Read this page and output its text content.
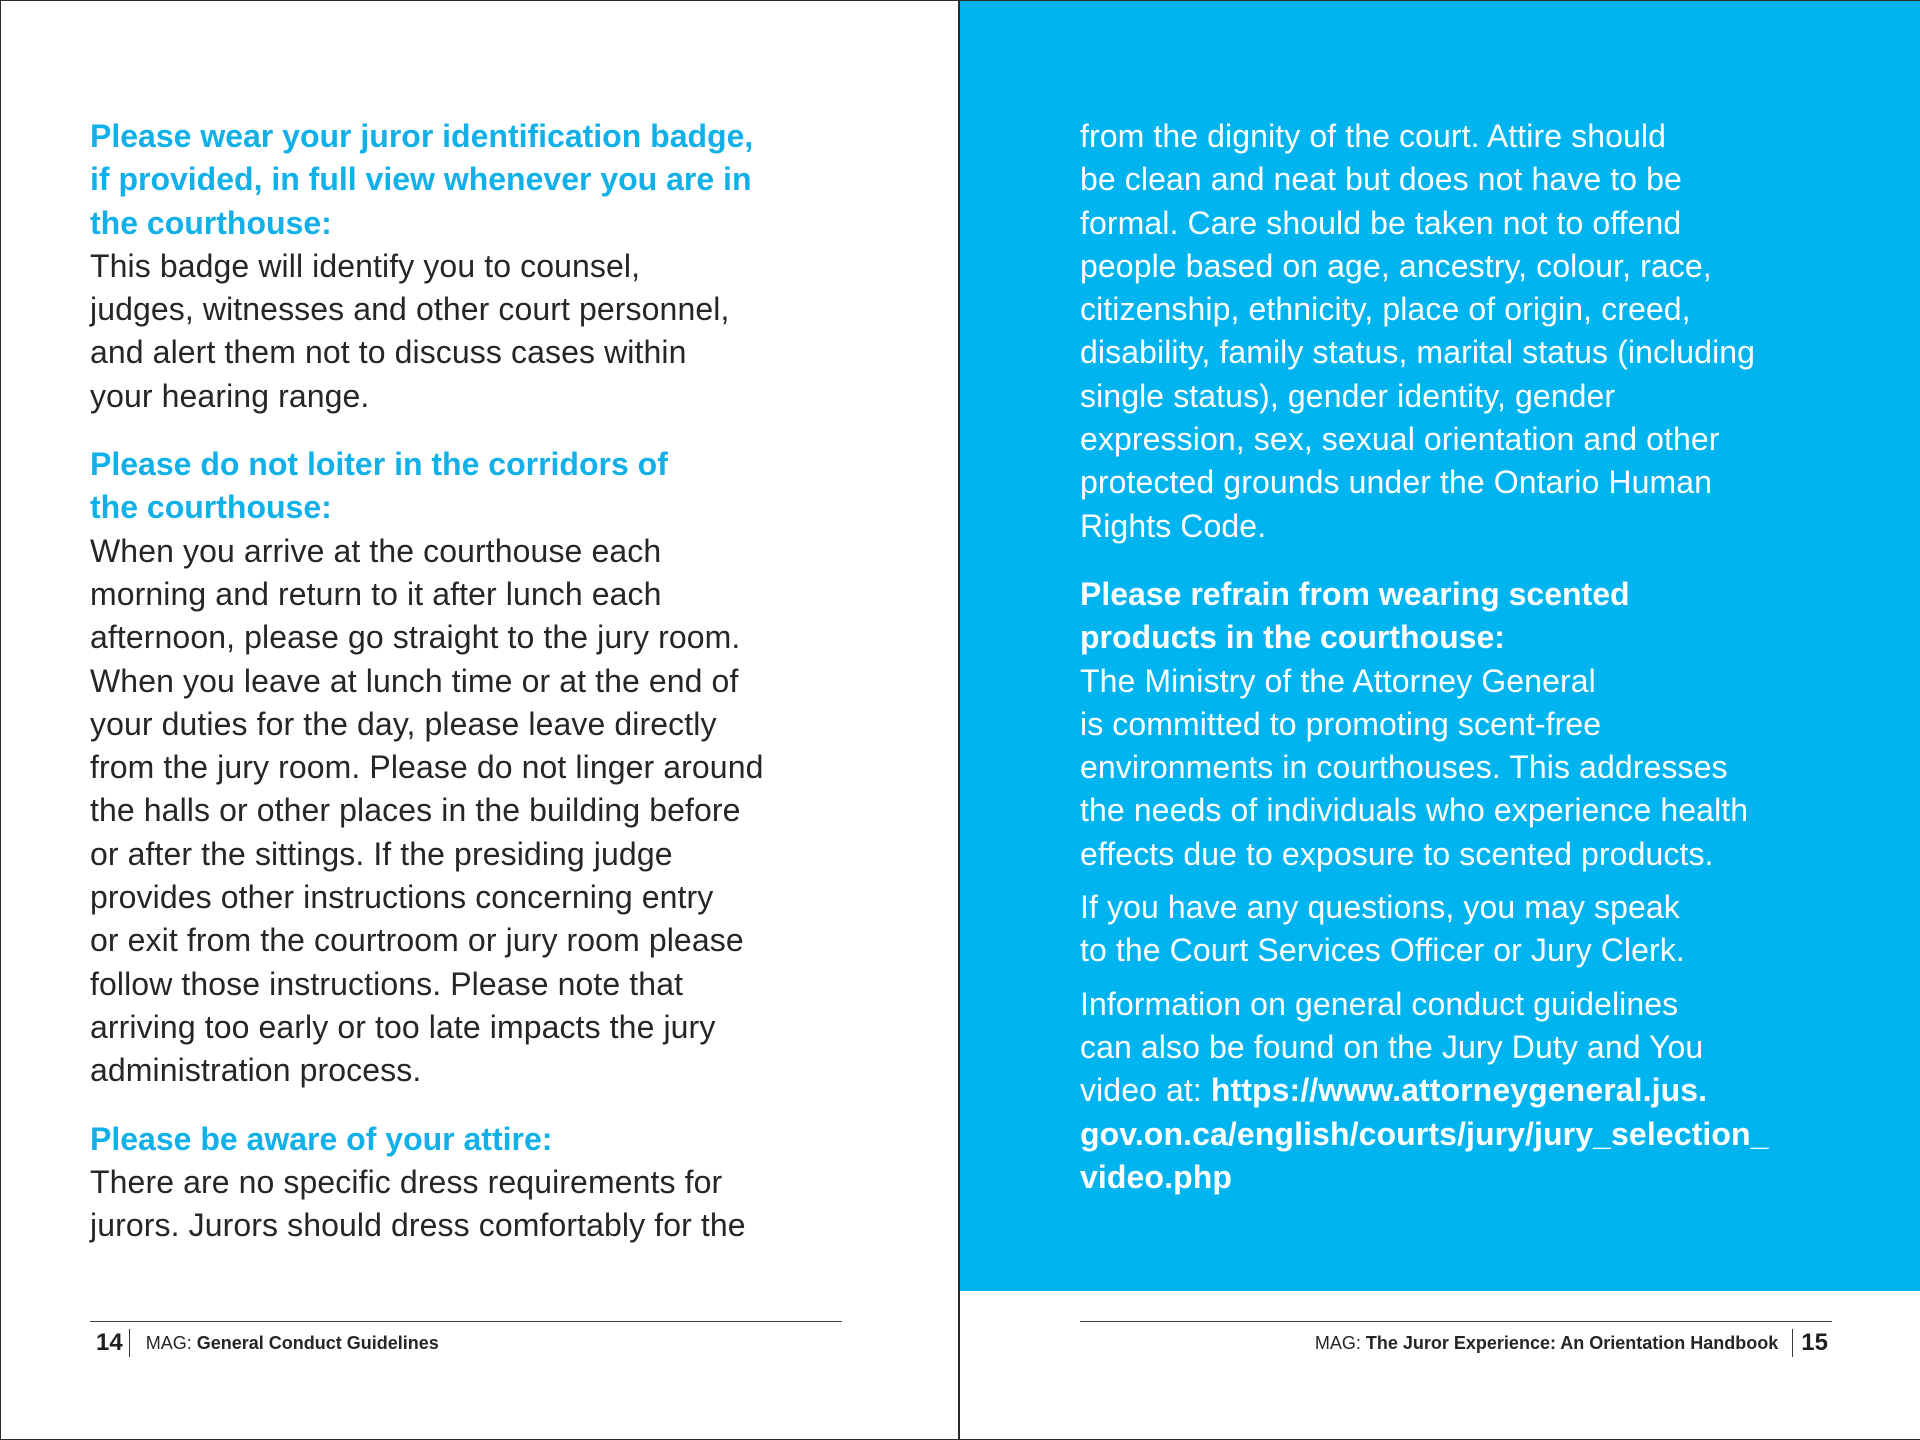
Please wear your juror identification badge,
if provided, in full view whenever you are in
the courthouse:
This badge will identify you to counsel,
judges, witnesses and other court personnel,
and alert them not to discuss cases within
your hearing range.
Please do not loiter in the corridors of
the courthouse:
When you arrive at the courthouse each
morning and return to it after lunch each
afternoon, please go straight to the jury room.
When you leave at lunch time or at the end of
your duties for the day, please leave directly
from the jury room. Please do not linger around
the halls or other places in the building before
or after the sittings. If the presiding judge
provides other instructions concerning entry
or exit from the courtroom or jury room please
follow those instructions. Please note that
arriving too early or too late impacts the jury
administration process.
Please be aware of your attire:
There are no specific dress requirements for
jurors. Jurors should dress comfortably for the
14	MAG: General Conduct Guidelines
from the dignity of the court. Attire should
be clean and neat but does not have to be
formal. Care should be taken not to offend
people based on age, ancestry, colour, race,
citizenship, ethnicity, place of origin, creed,
disability, family status, marital status (including
single status), gender identity, gender
expression, sex, sexual orientation and other
protected grounds under the Ontario Human
Rights Code.
Please refrain from wearing scented
products in the courthouse:
The Ministry of the Attorney General
is committed to promoting scent-free
environments in courthouses. This addresses
the needs of individuals who experience health
effects due to exposure to scented products.
If you have any questions, you may speak
to the Court Services Officer or Jury Clerk.
Information on general conduct guidelines
can also be found on the Jury Duty and You
video at: https://www.attorneygeneral.jus.
gov.on.ca/english/courts/jury/jury_selection_
video.php
MAG: The Juror Experience: An Orientation Handbook 15
